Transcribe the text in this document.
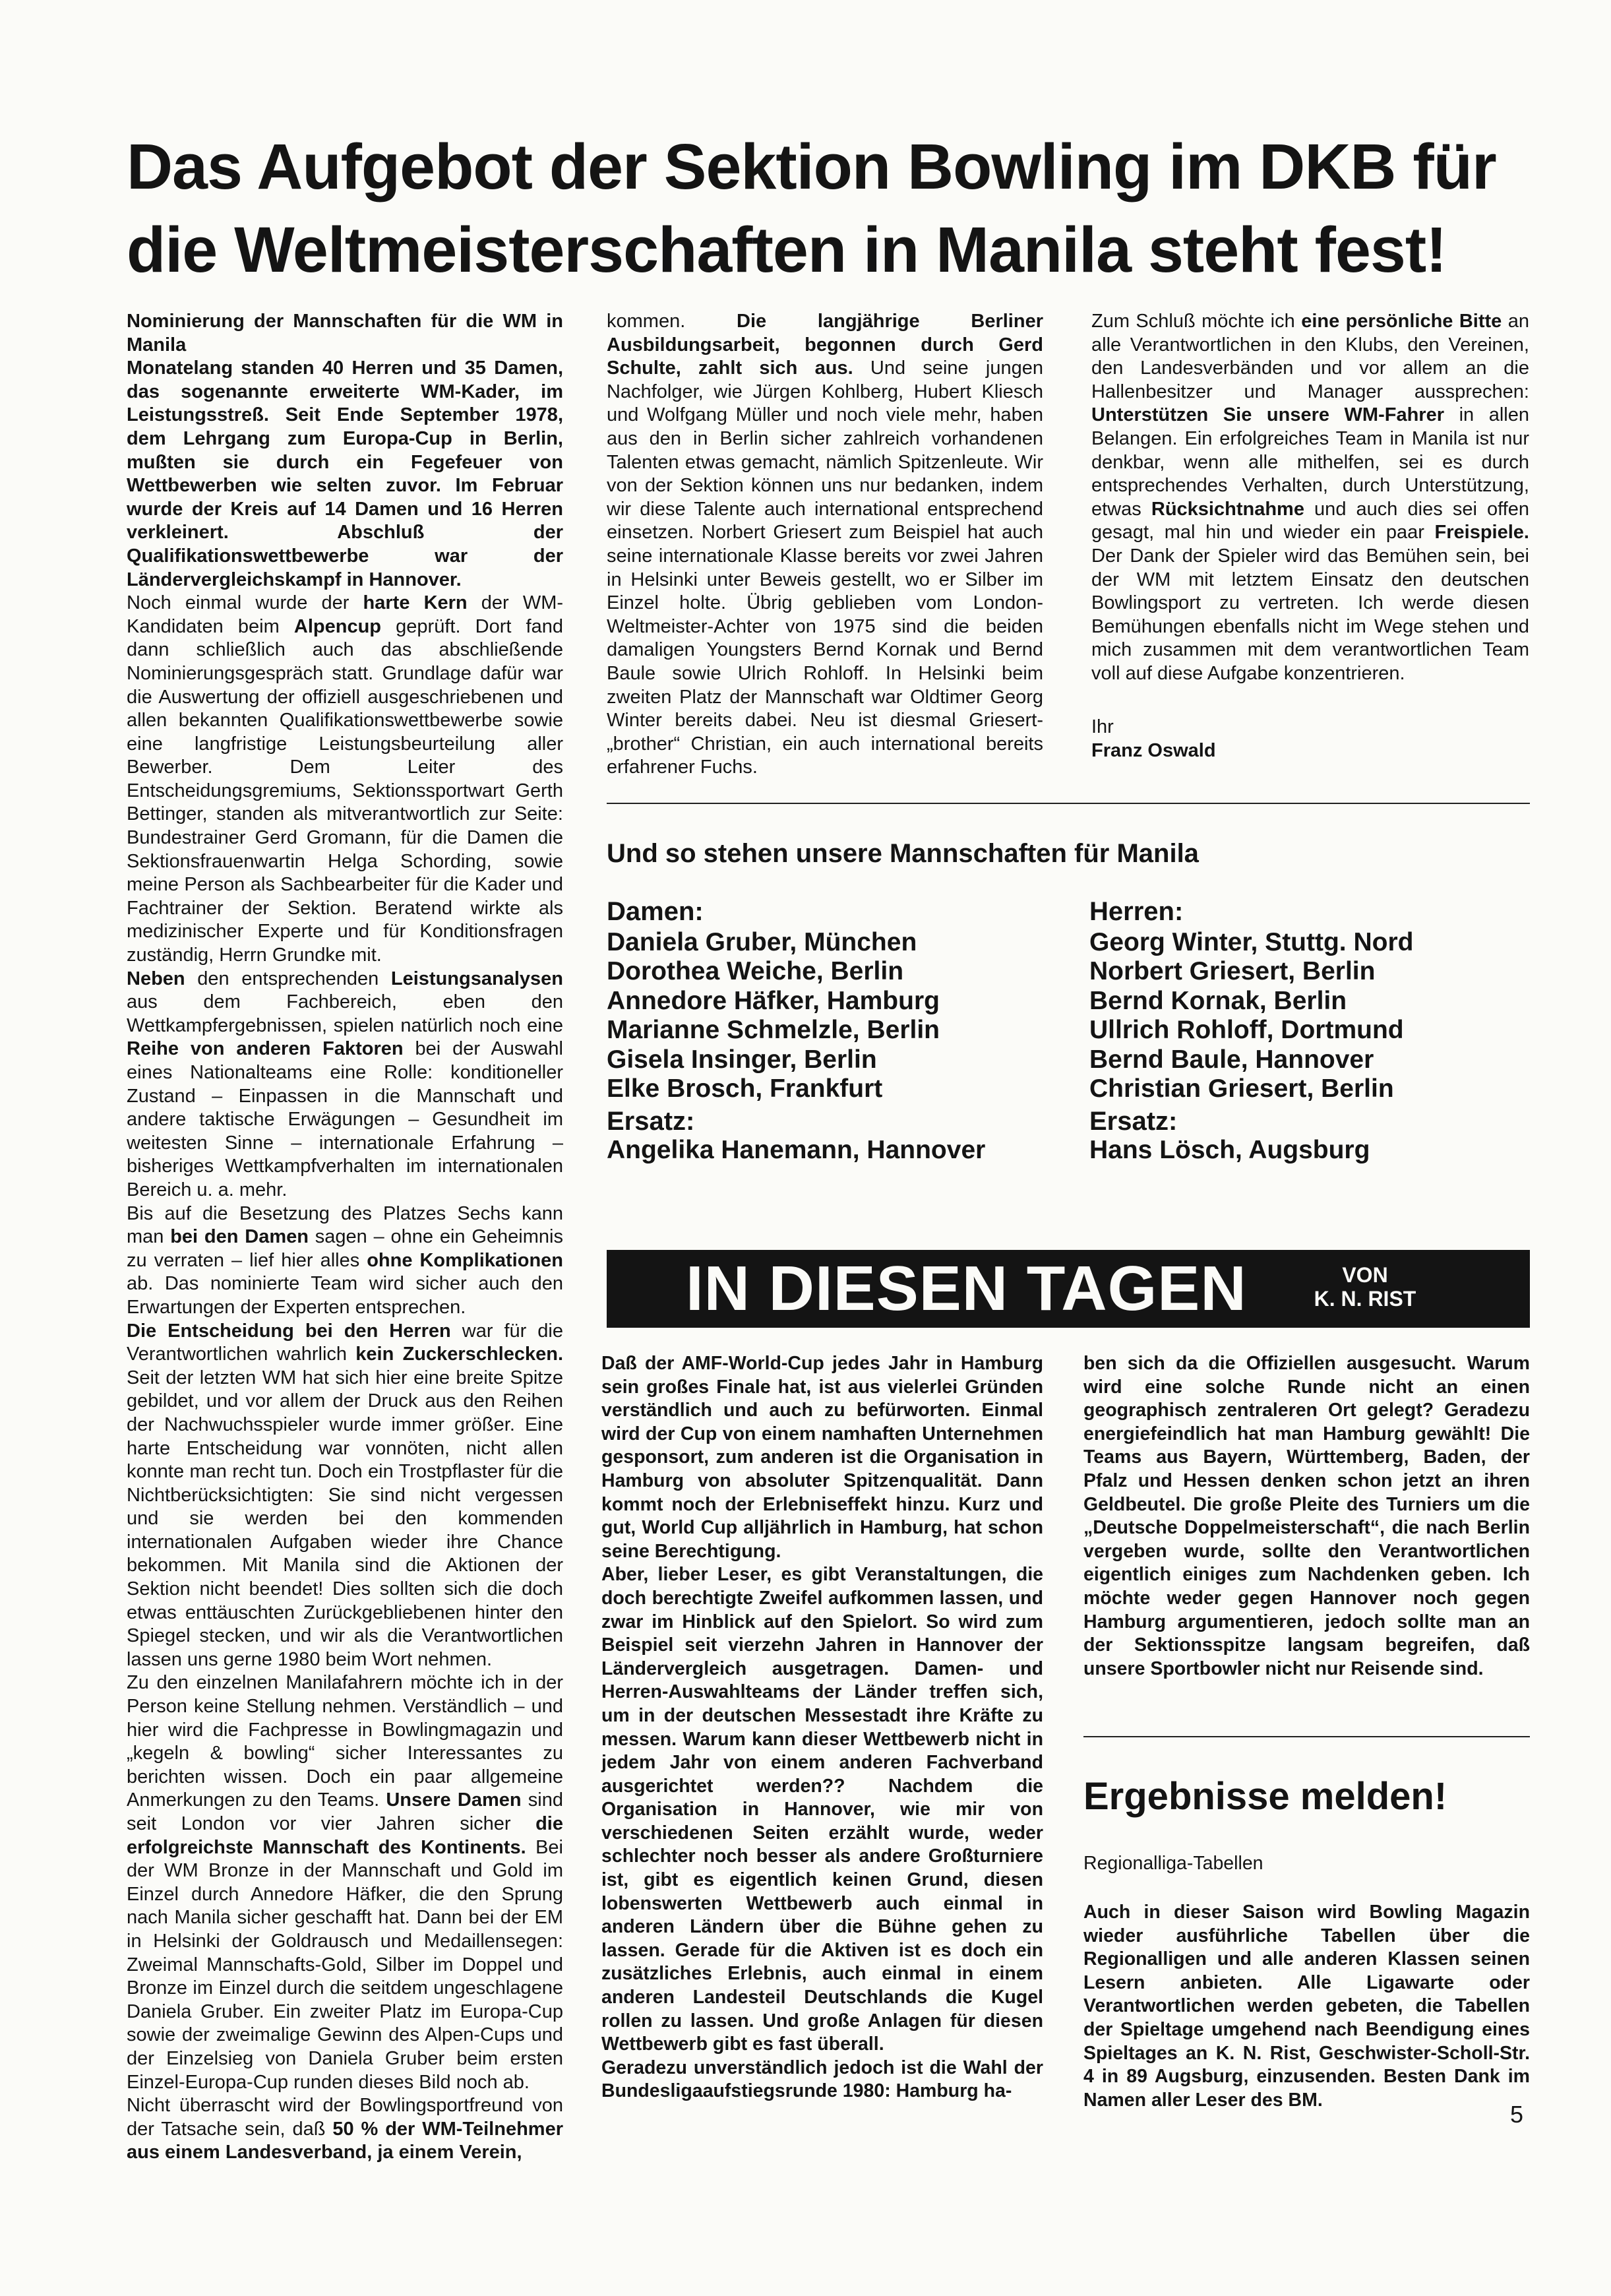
Das Aufgebot der Sektion Bowling im DKB für
die Weltmeisterschaften in Manila steht fest!

Nominierung der Mannschaften für die WM in Manila

Monatelang standen 40 Herren und 35 Damen, das sogenannte erweiterte WM-Kader, im Leistungsstreß. Seit Ende September 1978, dem Lehrgang zum Europa-Cup in Berlin, mußten sie durch ein Fegefeuer von Wettbewerben wie selten zuvor. Im Februar wurde der Kreis auf 14 Damen und 16 Herren verkleinert. Abschluß der Qualifikationswettbewerbe war der Ländervergleichskampf in Hannover.

Noch einmal wurde der harte Kern der WM-Kandidaten beim Alpencup geprüft. Dort fand dann schließlich auch das abschließende Nominierungsgespräch statt. Grundlage dafür war die Auswertung der offiziell ausgeschriebenen und allen bekannten Qualifikationswettbewerbe sowie eine langfristige Leistungsbeurteilung aller Bewerber. Dem Leiter des Entscheidungsgremiums, Sektionssportwart Gerth Bettinger, standen als mitverantwortlich zur Seite: Bundestrainer Gerd Gromann, für die Damen die Sektionsfrauenwartin Helga Schording, sowie meine Person als Sachbearbeiter für die Kader und Fachtrainer der Sektion. Beratend wirkte als medizinischer Experte und für Konditionsfragen zuständig, Herrn Grundke mit.

Neben den entsprechenden Leistungsanalysen aus dem Fachbereich, eben den Wettkampfergebnissen, spielen natürlich noch eine Reihe von anderen Faktoren bei der Auswahl eines Nationalteams eine Rolle: konditioneller Zustand – Einpassen in die Mannschaft und andere taktische Erwägungen – Gesundheit im weitesten Sinne – internationale Erfahrung – bisheriges Wettkampfverhalten im internationalen Bereich u. a. mehr.

Bis auf die Besetzung des Platzes Sechs kann man bei den Damen sagen – ohne ein Geheimnis zu verraten – lief hier alles ohne Komplikationen ab. Das nominierte Team wird sicher auch den Erwartungen der Experten entsprechen.

Die Entscheidung bei den Herren war für die Verantwortlichen wahrlich kein Zuckerschlecken. Seit der letzten WM hat sich hier eine breite Spitze gebildet, und vor allem der Druck aus den Reihen der Nachwuchsspieler wurde immer größer. Eine harte Entscheidung war vonnöten, nicht allen konnte man recht tun. Doch ein Trostpflaster für die Nichtberücksichtigten: Sie sind nicht vergessen und sie werden bei den kommenden internationalen Aufgaben wieder ihre Chance bekommen. Mit Manila sind die Aktionen der Sektion nicht beendet! Dies sollten sich die doch etwas enttäuschten Zurückgebliebenen hinter den Spiegel stecken, und wir als die Verantwortlichen lassen uns gerne 1980 beim Wort nehmen.

Zu den einzelnen Manilafahrern möchte ich in der Person keine Stellung nehmen. Verständlich – und hier wird die Fachpresse in Bowlingmagazin und „kegeln & bowling“ sicher Interessantes zu berichten wissen. Doch ein paar allgemeine Anmerkungen zu den Teams. Unsere Damen sind seit London vor vier Jahren sicher die erfolgreichste Mannschaft des Kontinents. Bei der WM Bronze in der Mannschaft und Gold im Einzel durch Annedore Häfker, die den Sprung nach Manila sicher geschafft hat. Dann bei der EM in Helsinki der Goldrausch und Medaillensegen: Zweimal Mannschafts-Gold, Silber im Doppel und Bronze im Einzel durch die seitdem ungeschlagene Daniela Gruber. Ein zweiter Platz im Europa-Cup sowie der zweimalige Gewinn des Alpen-Cups und der Einzelsieg von Daniela Gruber beim ersten Einzel-Europa-Cup runden dieses Bild noch ab.

Nicht überrascht wird der Bowlingsportfreund von der Tatsache sein, daß 50 % der WM-Teilnehmer aus einem Landesverband, ja einem Verein,

kommen. Die langjährige Berliner Ausbildungsarbeit, begonnen durch Gerd Schulte, zahlt sich aus. Und seine jungen Nachfolger, wie Jürgen Kohlberg, Hubert Kliesch und Wolfgang Müller und noch viele mehr, haben aus den in Berlin sicher zahlreich vorhandenen Talenten etwas gemacht, nämlich Spitzenleute. Wir von der Sektion können uns nur bedanken, indem wir diese Talente auch international entsprechend einsetzen. Norbert Griesert zum Beispiel hat auch seine internationale Klasse bereits vor zwei Jahren in Helsinki unter Beweis gestellt, wo er Silber im Einzel holte. Übrig geblieben vom London-Weltmeister-Achter von 1975 sind die beiden damaligen Youngsters Bernd Kornak und Bernd Baule sowie Ulrich Rohloff. In Helsinki beim zweiten Platz der Mannschaft war Oldtimer Georg Winter bereits dabei. Neu ist diesmal Griesert-„brother“ Christian, ein auch international bereits erfahrener Fuchs.

Zum Schluß möchte ich eine persönliche Bitte an alle Verantwortlichen in den Klubs, den Vereinen, den Landesverbänden und vor allem an die Hallenbesitzer und Manager aussprechen: Unterstützen Sie unsere WM-Fahrer in allen Belangen. Ein erfolgreiches Team in Manila ist nur denkbar, wenn alle mithelfen, sei es durch entsprechendes Verhalten, durch Unterstützung, etwas Rücksichtnahme und auch dies sei offen gesagt, mal hin und wieder ein paar Freispiele. Der Dank der Spieler wird das Bemühen sein, bei der WM mit letztem Einsatz den deutschen Bowlingsport zu vertreten. Ich werde diesen Bemühungen ebenfalls nicht im Wege stehen und mich zusammen mit dem verantwortlichen Team voll auf diese Aufgabe konzentrieren.

Ihr

Franz Oswald

Und so stehen unsere Mannschaften für Manila
Damen:
Daniela Gruber, München
Dorothea Weiche, Berlin
Annedore Häfker, Hamburg
Marianne Schmelzle, Berlin
Gisela Insinger, Berlin
Elke Brosch, Frankfurt
Ersatz:
Angelika Hanemann, Hannover
Herren:
Georg Winter, Stuttg. Nord
Norbert Griesert, Berlin
Bernd Kornak, Berlin
Ullrich Rohloff, Dortmund
Bernd Baule, Hannover
Christian Griesert, Berlin
Ersatz:
Hans Lösch, Augsburg
IN DIESEN TAGEN	VON
K. N. RIST

Daß der AMF-World-Cup jedes Jahr in Hamburg sein großes Finale hat, ist aus vielerlei Gründen verständlich und auch zu befürworten. Einmal wird der Cup von einem namhaften Unternehmen gesponsort, zum anderen ist die Organisation in Hamburg von absoluter Spitzenqualität. Dann kommt noch der Erlebniseffekt hinzu. Kurz und gut, World Cup alljährlich in Hamburg, hat schon seine Berechtigung.

Aber, lieber Leser, es gibt Veranstaltungen, die doch berechtigte Zweifel aufkommen lassen, und zwar im Hinblick auf den Spielort. So wird zum Beispiel seit vierzehn Jahren in Hannover der Ländervergleich ausgetragen. Damen- und Herren-Auswahlteams der Länder treffen sich, um in der deutschen Messestadt ihre Kräfte zu messen. Warum kann dieser Wettbewerb nicht in jedem Jahr von einem anderen Fachverband ausgerichtet werden?? Nachdem die Organisation in Hannover, wie mir von verschiedenen Seiten erzählt wurde, weder schlechter noch besser als andere Großturniere ist, gibt es eigentlich keinen Grund, diesen lobenswerten Wettbewerb auch einmal in anderen Ländern über die Bühne gehen zu lassen. Gerade für die Aktiven ist es doch ein zusätzliches Erlebnis, auch einmal in einem anderen Landesteil Deutschlands die Kugel rollen zu lassen. Und große Anlagen für diesen Wettbewerb gibt es fast überall.

Geradezu unverständlich jedoch ist die Wahl der Bundesligaaufstiegsrunde 1980: Hamburg ha-

ben sich da die Offiziellen ausgesucht. Warum wird eine solche Runde nicht an einen geographisch zentraleren Ort gelegt? Geradezu energiefeindlich hat man Hamburg gewählt! Die Teams aus Bayern, Württemberg, Baden, der Pfalz und Hessen denken schon jetzt an ihren Geldbeutel. Die große Pleite des Turniers um die „Deutsche Doppelmeisterschaft“, die nach Berlin vergeben wurde, sollte den Verantwortlichen eigentlich einiges zum Nachdenken geben. Ich möchte weder gegen Hannover noch gegen Hamburg argumentieren, jedoch sollte man an der Sektionsspitze langsam begreifen, daß unsere Sportbowler nicht nur Reisende sind.

Ergebnisse melden!
Regionalliga-Tabellen

Auch in dieser Saison wird Bowling Magazin wieder ausführliche Tabellen über die Regionalligen und alle anderen Klassen seinen Lesern anbieten. Alle Ligawarte oder Verantwortlichen werden gebeten, die Tabellen der Spieltage umgehend nach Beendigung eines Spieltages an K. N. Rist, Geschwister-Scholl-Str. 4 in 89 Augsburg, einzusenden. Besten Dank im Namen aller Leser des BM.

5
